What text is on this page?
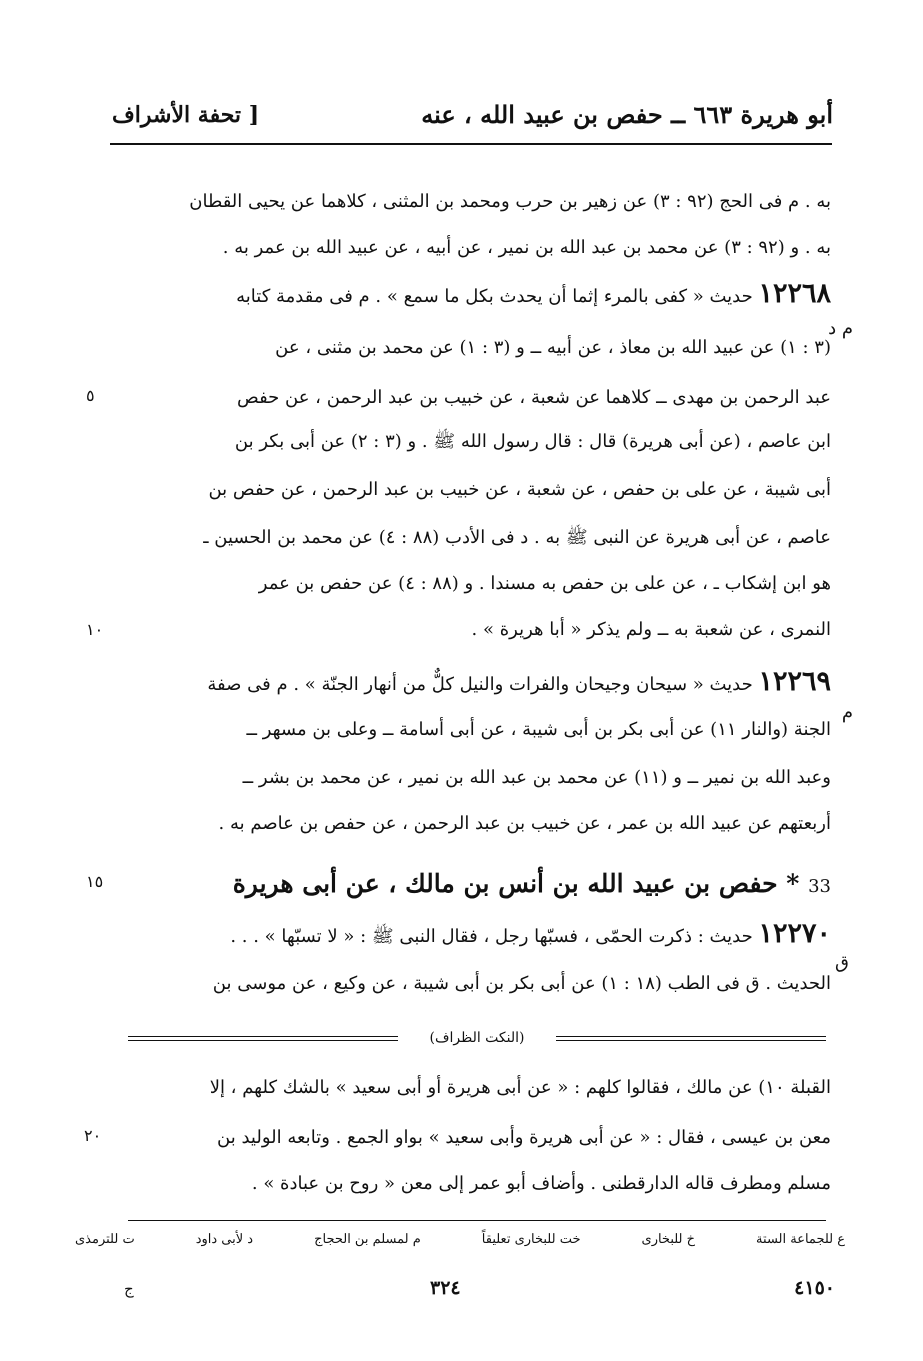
أبو هريرة ٦٦٣ ــ حفص بن عبيد الله ، عنه
[ تحفة الأشراف
به . م فى الحج (٩٢ : ٣) عن زهير بن حرب ومحمد بن المثنى ، كلاهما عن يحيى القطان
به . و (٩٢ : ٣) عن محمد بن عبد الله بن نمير ، عن أبيه ، عن عبيد الله بن عمر به .
١٢٢٦٨ حديث « كفى بالمرء إثما أن يحدث بكل ما سمع » . م فى مقدمة كتابه
(٣ : ١) عن عبيد الله بن معاذ ، عن أبيه ــ و (٣ : ١) عن محمد بن مثنى ، عن
عبد الرحمن بن مهدى ــ كلاهما عن شعبة ، عن خبيب بن عبد الرحمن ، عن حفص
ابن عاصم ، (عن أبى هريرة) قال : قال رسول الله ﷺ . و (٣ : ٢) عن أبى بكر بن
أبى شيبة ، عن على بن حفص ، عن شعبة ، عن خبيب بن عبد الرحمن ، عن حفص بن
عاصم ، عن أبى هريرة عن النبى ﷺ به . د فى الأدب (٨٨ : ٤) عن محمد بن الحسين ـ
هو ابن إشكاب ـ ، عن على بن حفص به مسندا . و (٨٨ : ٤) عن حفص بن عمر
النمرى ، عن شعبة به ــ ولم يذكر « أبا هريرة » .
١٢٢٦٩ حديث « سيحان وجيحان والفرات والنيل كلٌّ من أنهار الجنّة » . م فى صفة
الجنة (والنار ١١) عن أبى بكر بن أبى شيبة ، عن أبى أسامة ــ وعلى بن مسهر ــ
وعبد الله بن نمير ــ و (١١) عن محمد بن عبد الله بن نمير ، عن محمد بن بشر ــ
أربعتهم عن عبيد الله بن عمر ، عن خبيب بن عبد الرحمن ، عن حفص بن عاصم به .
33 * حفص بن عبيد الله بن أنس بن مالك ، عن أبى هريرة
١٢٢٧٠ حديث : ذكرت الحمّى ، فسبّها رجل ، فقال النبى ﷺ : « لا تسبّها » . . .
الحديث . ق فى الطب (١٨ : ١) عن أبى بكر بن أبى شيبة ، عن وكيع ، عن موسى بن
(النكت الظراف)
القبلة ١٠) عن مالك ، فقالوا كلهم : « عن أبى هريرة أو أبى سعيد » بالشك كلهم ، إلا
معن بن عيسى ، فقال : « عن أبى هريرة وأبى سعيد » بواو الجمع . وتابعه الوليد بن
مسلم ومطرف قاله الدارقطنى . وأضاف أبو عمر إلى معن « روح بن عبادة » .
م د
م
ق
٥
١٠
١٥
٢٠
ع للجماعة الستة
خ للبخارى
خت للبخارى تعليقاً
م لمسلم بن الحجاج
د لأبى داود
ت للترمذى
٤١٥٠
٣٢٤
ج
